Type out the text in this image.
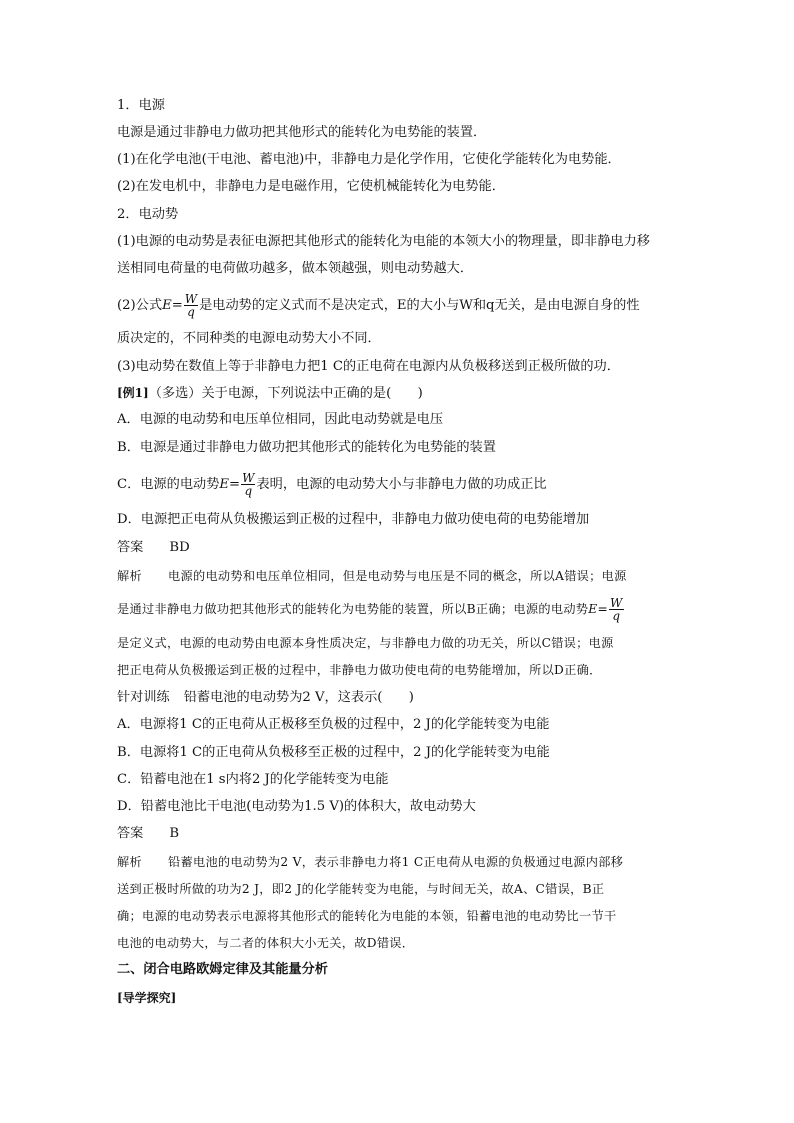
1．电源
电源是通过非静电力做功把其他形式的能转化为电势能的装置．
(1)在化学电池(干电池、蓄电池)中，非静电力是化学作用，它使化学能转化为电势能．
(2)在发电机中，非静电力是电磁作用，它使机械能转化为电势能．
2．电动势
(1)电源的电动势是表征电源把其他形式的能转化为电能的本领大小的物理量，即非静电力移
送相同电荷量的电荷做功越多，做本领越强，则电动势越大．
(2)公式$E= \frac{W}{q}$ 是电动势的定义式而不是决定式，E的大小与W和q无关，是由电源自身的性
质决定的，不同种类的电源电动势大小不同．
(3)电动势在数值上等于非静电力把1 C的正电荷在电源内从负极移送到正极所做的功．
[例1]（多选）关于电源，下列说法中正确的是(　　)
A．电源的电动势和电压单位相同，因此电动势就是电压
B．电源是通过非静电力做功把其他形式的能转化为电势能的装置
C．电源的电动势$E= \frac{W}{q}$ 表明，电源的电动势大小与非静电力做的功成正比
D．电源把正电荷从负极搬运到正极的过程中，非静电力做功使电荷的电势能增加
答案 BD
解析 电源的电动势和电压单位相同，但是电动势与电压是不同的概念，所以A错误；电源
是通过非静电力做功把其他形式的能转化为电势能的装置，所以B正确；电源的电动势$E= \frac{W}{q}$
是定义式，电源的电动势由电源本身性质决定，与非静电力做的功无关，所以C错误；电源
把正电荷从负极搬运到正极的过程中，非静电力做功使电荷的电势能增加，所以D正确．
针对训练 铅蓄电池的电动势为2 V，这表示(　　)
A．电源将1 C的正电荷从正极移至负极的过程中，2 J的化学能转变为电能
B．电源将1 C的正电荷从负极移至正极的过程中，2 J的化学能转变为电能
C．铅蓄电池在1 s内将2 J的化学能转变为电能
D．铅蓄电池比干电池(电动势为1.5 V)的体积大，故电动势大
答案 B
解析 铅蓄电池的电动势为2 V，表示非静电力将1 C正电荷从电源的负极通过电源内部移
送到正极时所做的功为2 J，即2 J的化学能转变为电能，与时间无关，故A、C错误，B正
确；电源的电动势表示电源将其他形式的能转化为电能的本领，铅蓄电池的电动势比一节干
电池的电动势大，与二者的体积大小无关，故D错误．
二、闭合电路欧姆定律及其能量分析
[导学探究]
